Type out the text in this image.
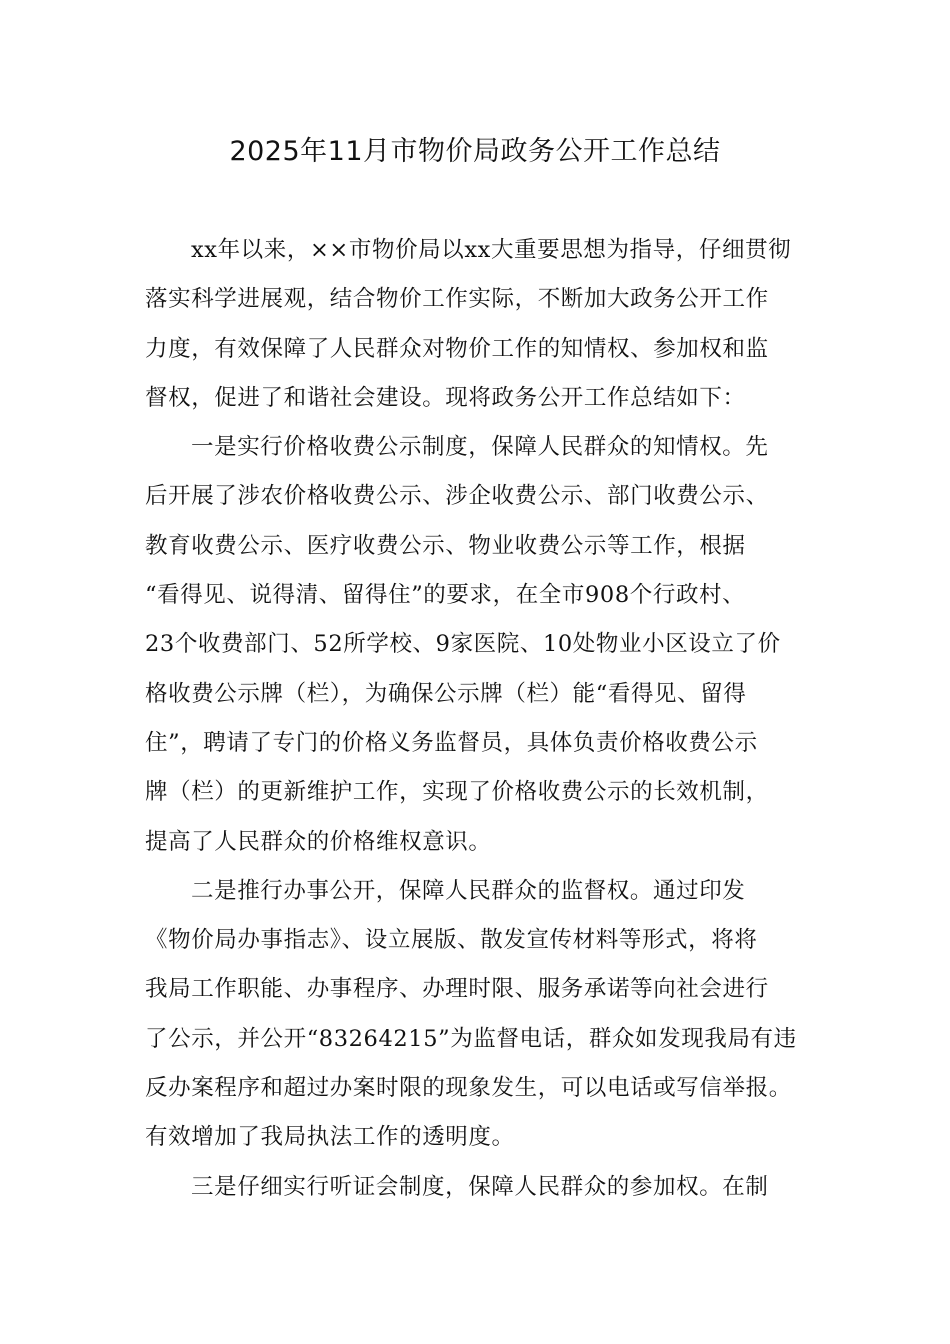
2025年11月市物价局政务公开工作总结
xx年以来，××市物价局以xx大重要思想为指导，仔细贯彻
落实科学进展观，结合物价工作实际，不断加大政务公开工作
力度，有效保障了人民群众对物价工作的知情权、参加权和监
督权，促进了和谐社会建设。现将政务公开工作总结如下：
一是实行价格收费公示制度，保障人民群众的知情权。先
后开展了涉农价格收费公示、涉企收费公示、部门收费公示、
教育收费公示、医疗收费公示、物业收费公示等工作，根据
“看得见、说得清、留得住”的要求，在全市908个行政村、
23个收费部门、52所学校、9家医院、10处物业小区设立了价
格收费公示牌（栏），为确保公示牌（栏）能“看得见、留得
住”，聘请了专门的价格义务监督员，具体负责价格收费公示
牌（栏）的更新维护工作，实现了价格收费公示的长效机制，
提高了人民群众的价格维权意识。
二是推行办事公开，保障人民群众的监督权。通过印发
《物价局办事指志》、设立展版、散发宣传材料等形式，将将
我局工作职能、办事程序、办理时限、服务承诺等向社会进行
了公示，并公开“83264215”为监督电话，群众如发现我局有违
反办案程序和超过办案时限的现象发生，可以电话或写信举报。
有效增加了我局执法工作的透明度。
三是仔细实行听证会制度，保障人民群众的参加权。在制
